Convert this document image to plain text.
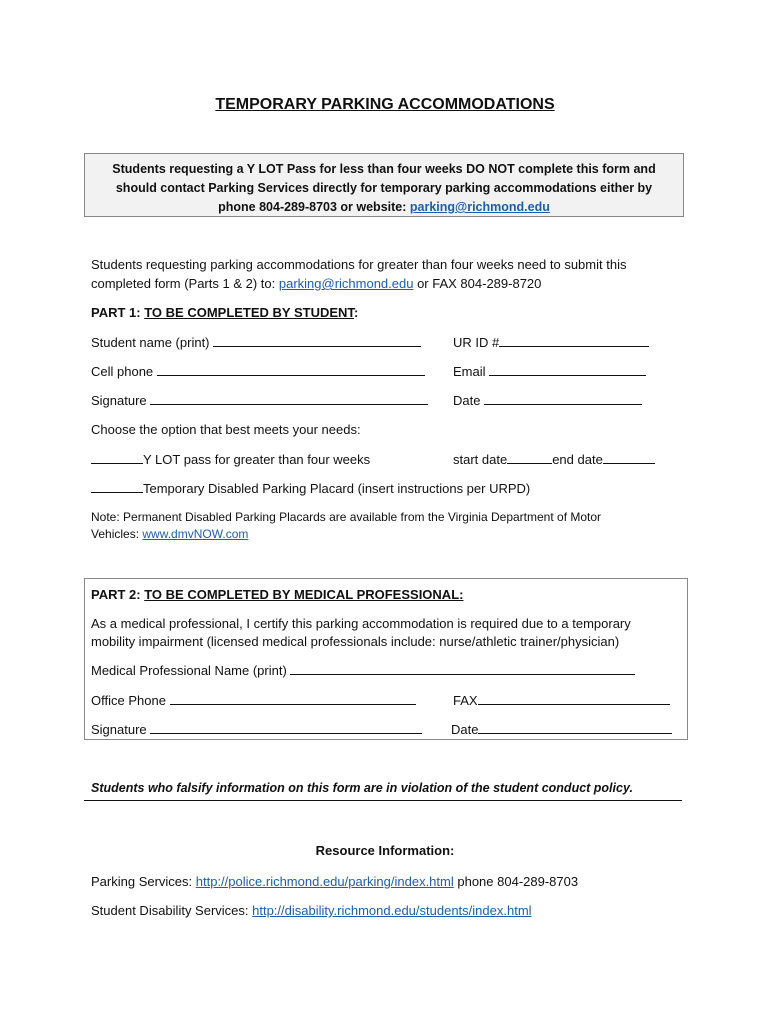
TEMPORARY PARKING ACCOMMODATIONS
Students requesting a Y LOT Pass for less than four weeks DO NOT complete this form and
should contact Parking Services directly for temporary parking accommodations either by
phone 804-289-8703 or website: parking@richmond.edu
Students requesting parking accommodations for greater than four weeks need to submit this
completed form (Parts 1 & 2) to: parking@richmond.edu or FAX 804-289-8720
PART 1: TO BE COMPLETED BY STUDENT:
Student name (print)	UR ID #
Cell phone	Email
Signature	Date
Choose the option that best meets your needs:
Y LOT pass for greater than four weeks	start date	end date
Temporary Disabled Parking Placard (insert instructions per URPD)
Note: Permanent Disabled Parking Placards are available from the Virginia Department of Motor
Vehicles: www.dmvNOW.com
PART 2: TO BE COMPLETED BY MEDICAL PROFESSIONAL:
As a medical professional, I certify this parking accommodation is required due to a temporary
mobility impairment (licensed medical professionals include: nurse/athletic trainer/physician)
Medical Professional Name (print)
Office Phone	FAX
Signature	Date
Students who falsify information on this form are in violation of the student conduct policy.
Resource Information:
Parking Services: http://police.richmond.edu/parking/index.html phone 804-289-8703
Student Disability Services: http://disability.richmond.edu/students/index.html
